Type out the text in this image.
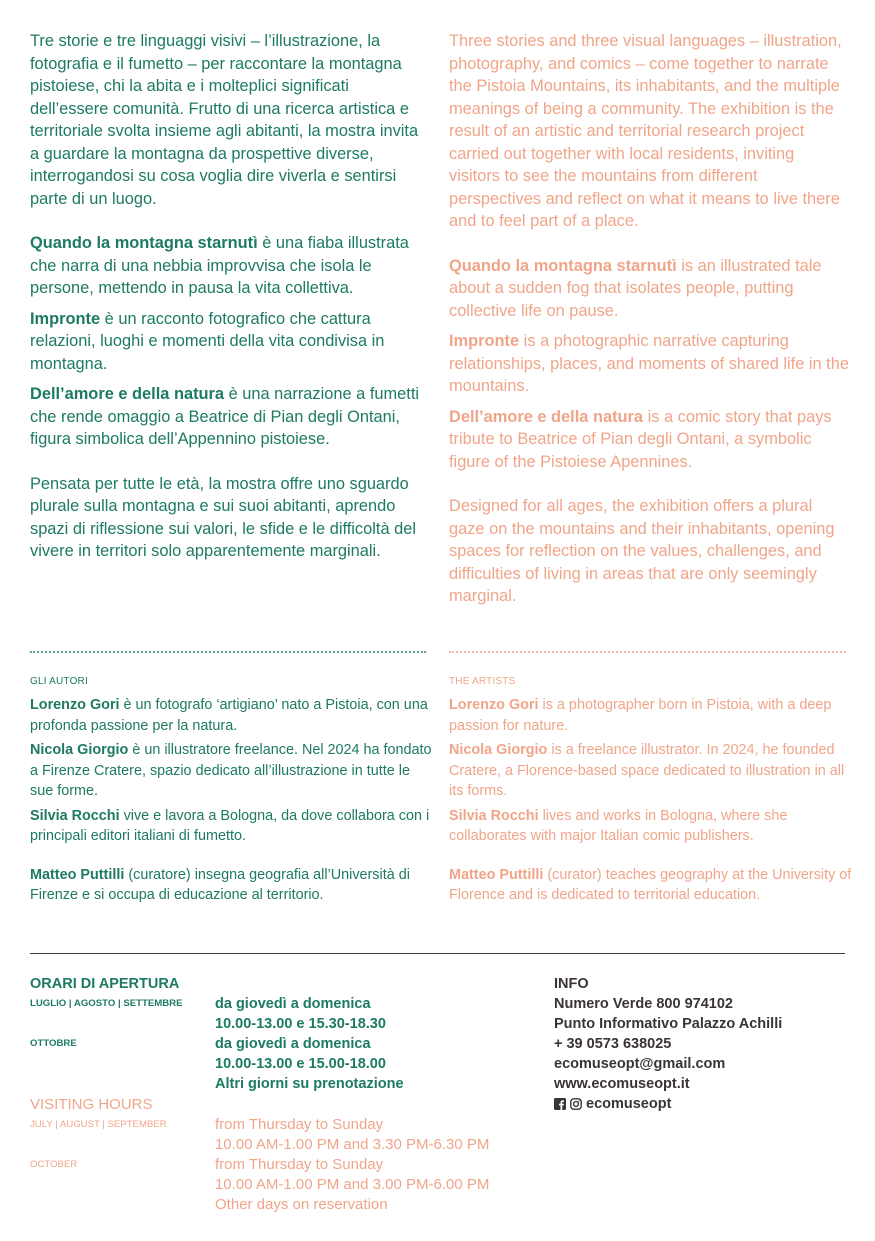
Tre storie e tre linguaggi visivi – l’illustrazione, la fotografia e il fumetto – per raccontare la montagna pistoiese, chi la abita e i molteplici significati dell’essere comunità. Frutto di una ricerca artistica e territoriale svolta insieme agli abitanti, la mostra invita a guardare la montagna da prospettive diverse, interrogandosi su cosa voglia dire viverla e sentirsi parte di un luogo.

Quando la montagna starnutì è una fiaba illustrata che narra di una nebbia improvvisa che isola le persone, mettendo in pausa la vita collettiva.

Impronte è un racconto fotografico che cattura relazioni, luoghi e momenti della vita condivisa in montagna.

Dell’amore e della natura è una narrazione a fumetti che rende omaggio a Beatrice di Pian degli Ontani, figura simbolica dell’Appennino pistoiese.

Pensata per tutte le età, la mostra offre uno sguardo plurale sulla montagna e sui suoi abitanti, aprendo spazi di riflessione sui valori, le sfide e le difficoltà del vivere in territori solo apparentemente marginali.

Three stories and three visual languages – illustration, photography, and comics – come together to narrate the Pistoia Mountains, its inhabitants, and the multiple meanings of being a community. The exhibition is the result of an artistic and territorial research project carried out together with local residents, inviting visitors to see the mountains from different perspectives and reflect on what it means to live there and to feel part of a place.

Quando la montagna starnutì is an illustrated tale about a sudden fog that isolates people, putting collective life on pause.

Impronte is a photographic narrative capturing relationships, places, and moments of shared life in the mountains.

Dell’amore e della natura is a comic story that pays tribute to Beatrice of Pian degli Ontani, a symbolic figure of the Pistoiese Apennines.

Designed for all ages, the exhibition offers a plural gaze on the mountains and their inhabitants, opening spaces for reflection on the values, challenges, and difficulties of living in areas that are only seemingly marginal.

GLI AUTORI

Lorenzo Gori è un fotografo ‘artigiano’ nato a Pistoia, con una profonda passione per la natura.

Nicola Giorgio è un illustratore freelance. Nel 2024 ha fondato a Firenze Cratere, spazio dedicato all’illustrazione in tutte le sue forme.

Silvia Rocchi vive e lavora a Bologna, da dove collabora con i principali editori italiani di fumetto.

Matteo Puttilli (curatore) insegna geografia all’Università di Firenze e si occupa di educazione al territorio.

THE ARTISTS

Lorenzo Gori is a photographer born in Pistoia, with a deep passion for nature.

Nicola Giorgio is a freelance illustrator. In 2024, he founded Cratere, a Florence-based space dedicated to illustration in all its forms.

Silvia Rocchi lives and works in Bologna, where she collaborates with major Italian comic publishers.

Matteo Puttilli (curator) teaches geography at the University of Florence and is dedicated to territorial education.

ORARI DI APERTURA

LUGLIO | AGOSTO | SETTEMBRE	da giovedì a domenica
10.00-13.00 e 15.30-18.30
OTTOBRE	da giovedì a domenica
10.00-13.00 e 15.00-18.00
Altri giorni su prenotazione

VISITING HOURS

JULY | AUGUST | SEPTEMBER	from Thursday to Sunday
10.00 AM-1.00 PM and 3.30 PM-6.30 PM
OCTOBER	from Thursday to Sunday
10.00 AM-1.00 PM and 3.00 PM-6.00 PM
Other days on reservation

INFO

Numero Verde 800 974102

Punto Informativo Palazzo Achilli

+ 39 0573 638025

ecomuseopt@gmail.com

www.ecomuseopt.it

ecomuseopt
